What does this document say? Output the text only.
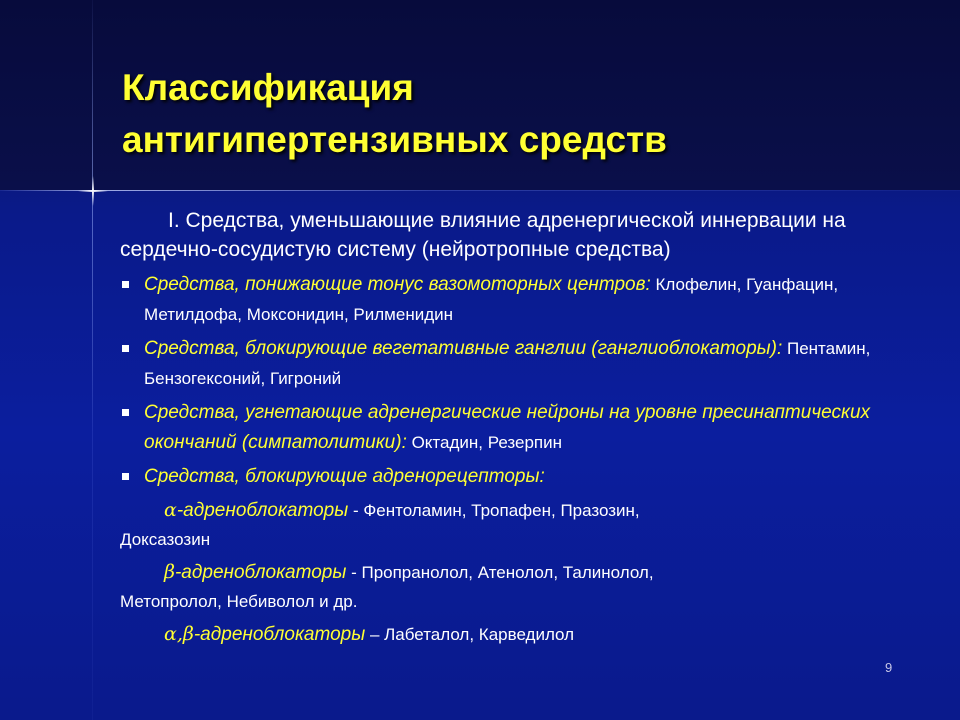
Классификация
антигипертензивных средств

I. Средства, уменьшающие влияние адренергической иннервации на сердечно-сосудистую систему (нейротропные средства)

Средства, понижающие тонус вазомоторных центров: Клофелин, Гуанфацин, Метилдофа, Моксонидин, Рилменидин
Средства, блокирующие вегетативные ганглии (ганглиоблокаторы): Пентамин, Бензогексоний, Гигроний
Средства, угнетающие адренергические нейроны на уровне пресинаптических окончаний (симпатолитики): Октадин, Резерпин
Средства, блокирующие адренорецепторы:

α-адреноблокаторы - Фентоламин, Тропафен, Празозин,
Доксазозин

β-адреноблокаторы - Пропранолол, Атенолол, Талинолол,
Метопролол, Небиволол и др.

α,β-адреноблокаторы – Лабеталол, Карведилол

9
